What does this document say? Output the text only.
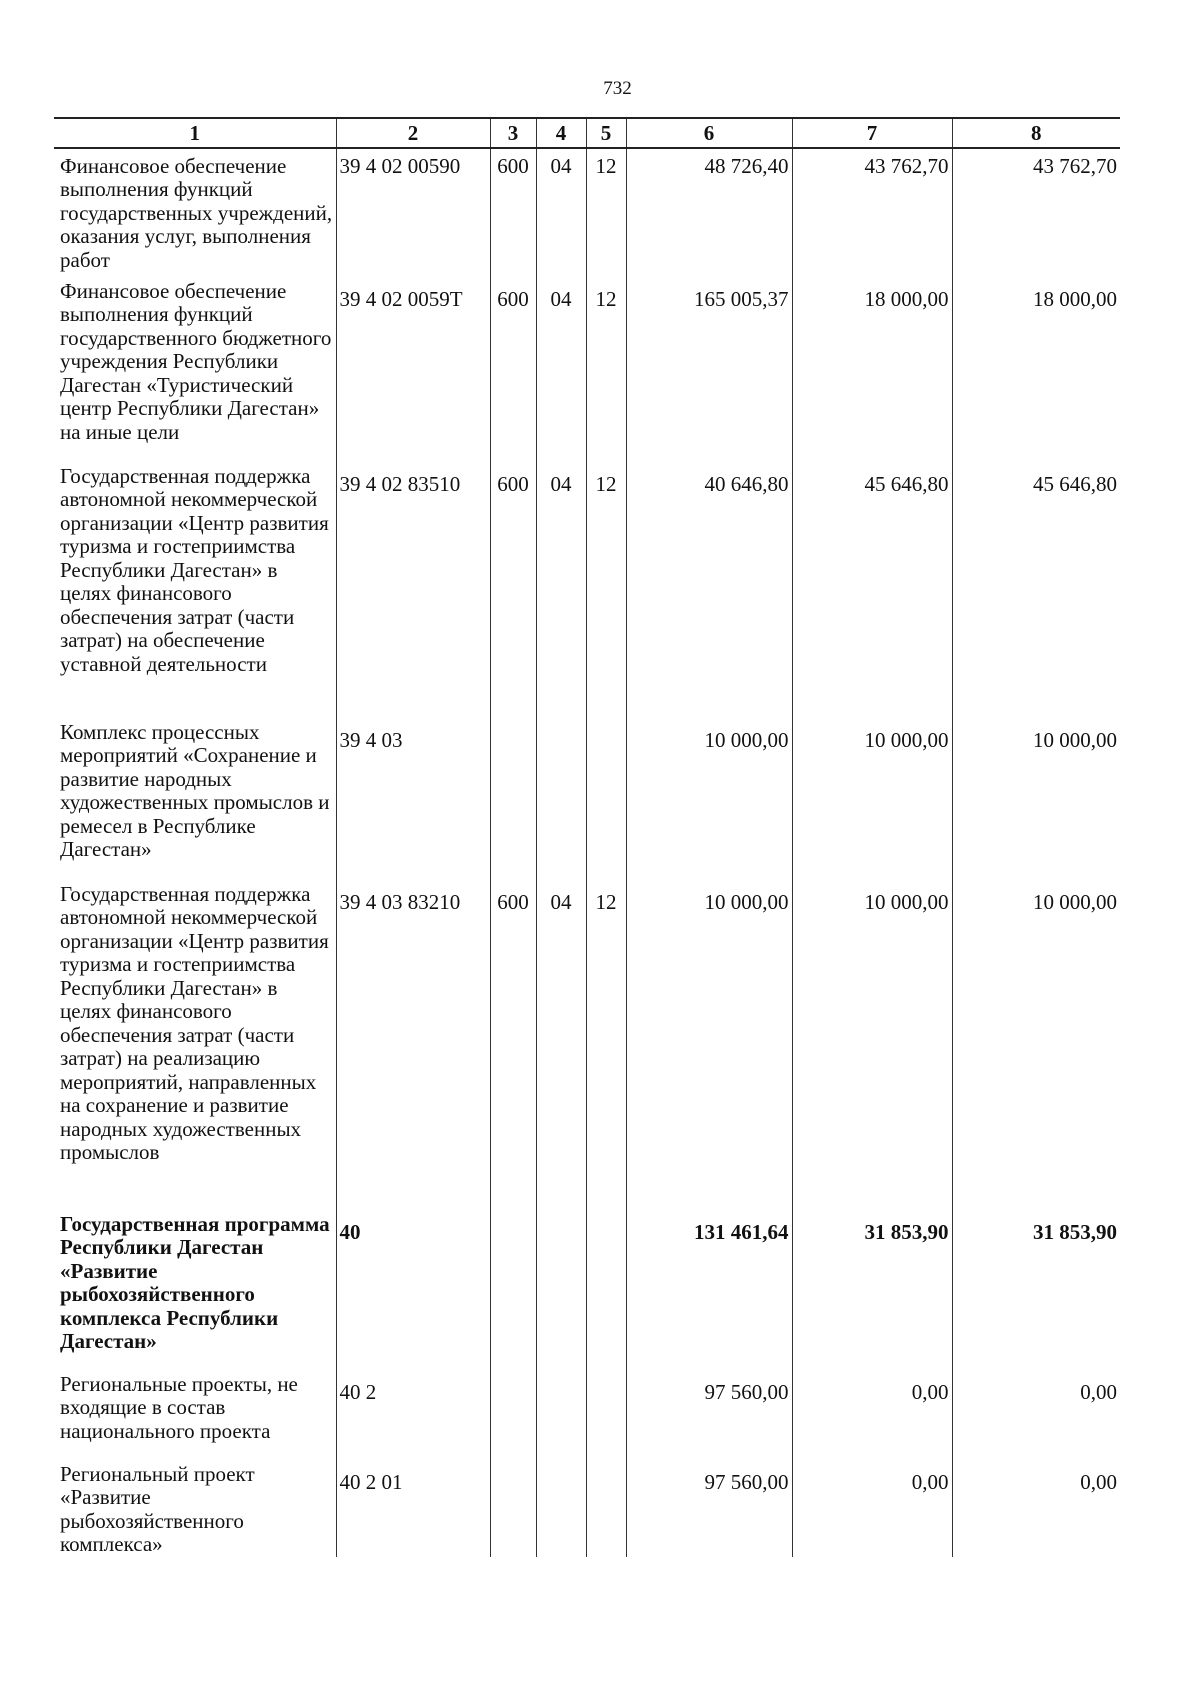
732
1	2	3	4	5	6	7	8
Финансовое обеспечение выполнения функций государственных учреждений, оказания услуг, выполнения работ	39 4 02 00590	600	04	12	48 726,40	43 762,70	43 762,70
Финансовое обеспечение выполнения функций государственного бюджетного учреждения Республики Дагестан «Туристический центр Республики Дагестан» на иные цели	39 4 02 0059Т	600	04	12	165 005,37	18 000,00	18 000,00
Государственная поддержка автономной некоммерческой организации «Центр развития туризма и гостеприимства Республики Дагестан» в целях финансового обеспечения затрат (части затрат) на обеспечение уставной деятельности	39 4 02 83510	600	04	12	40 646,80	45 646,80	45 646,80
Комплекс процессных мероприятий «Сохранение и развитие народных художественных промыслов и ремесел в Республике Дагестан»	39 4 03				10 000,00	10 000,00	10 000,00
Государственная поддержка автономной некоммерческой организации «Центр развития туризма и гостеприимства Республики Дагестан» в целях финансового обеспечения затрат (части затрат) на реализацию мероприятий, направленных на сохранение и развитие народных художественных промыслов	39 4 03 83210	600	04	12	10 000,00	10 000,00	10 000,00
Государственная программа Республики Дагестан «Развитие рыбохозяйственного комплекса Республики Дагестан»	40				131 461,64	31 853,90	31 853,90
Региональные проекты, не входящие в состав национального проекта	40 2				97 560,00	0,00	0,00
Региональный проект «Развитие рыбохозяйственного комплекса»	40 2 01				97 560,00	0,00	0,00
